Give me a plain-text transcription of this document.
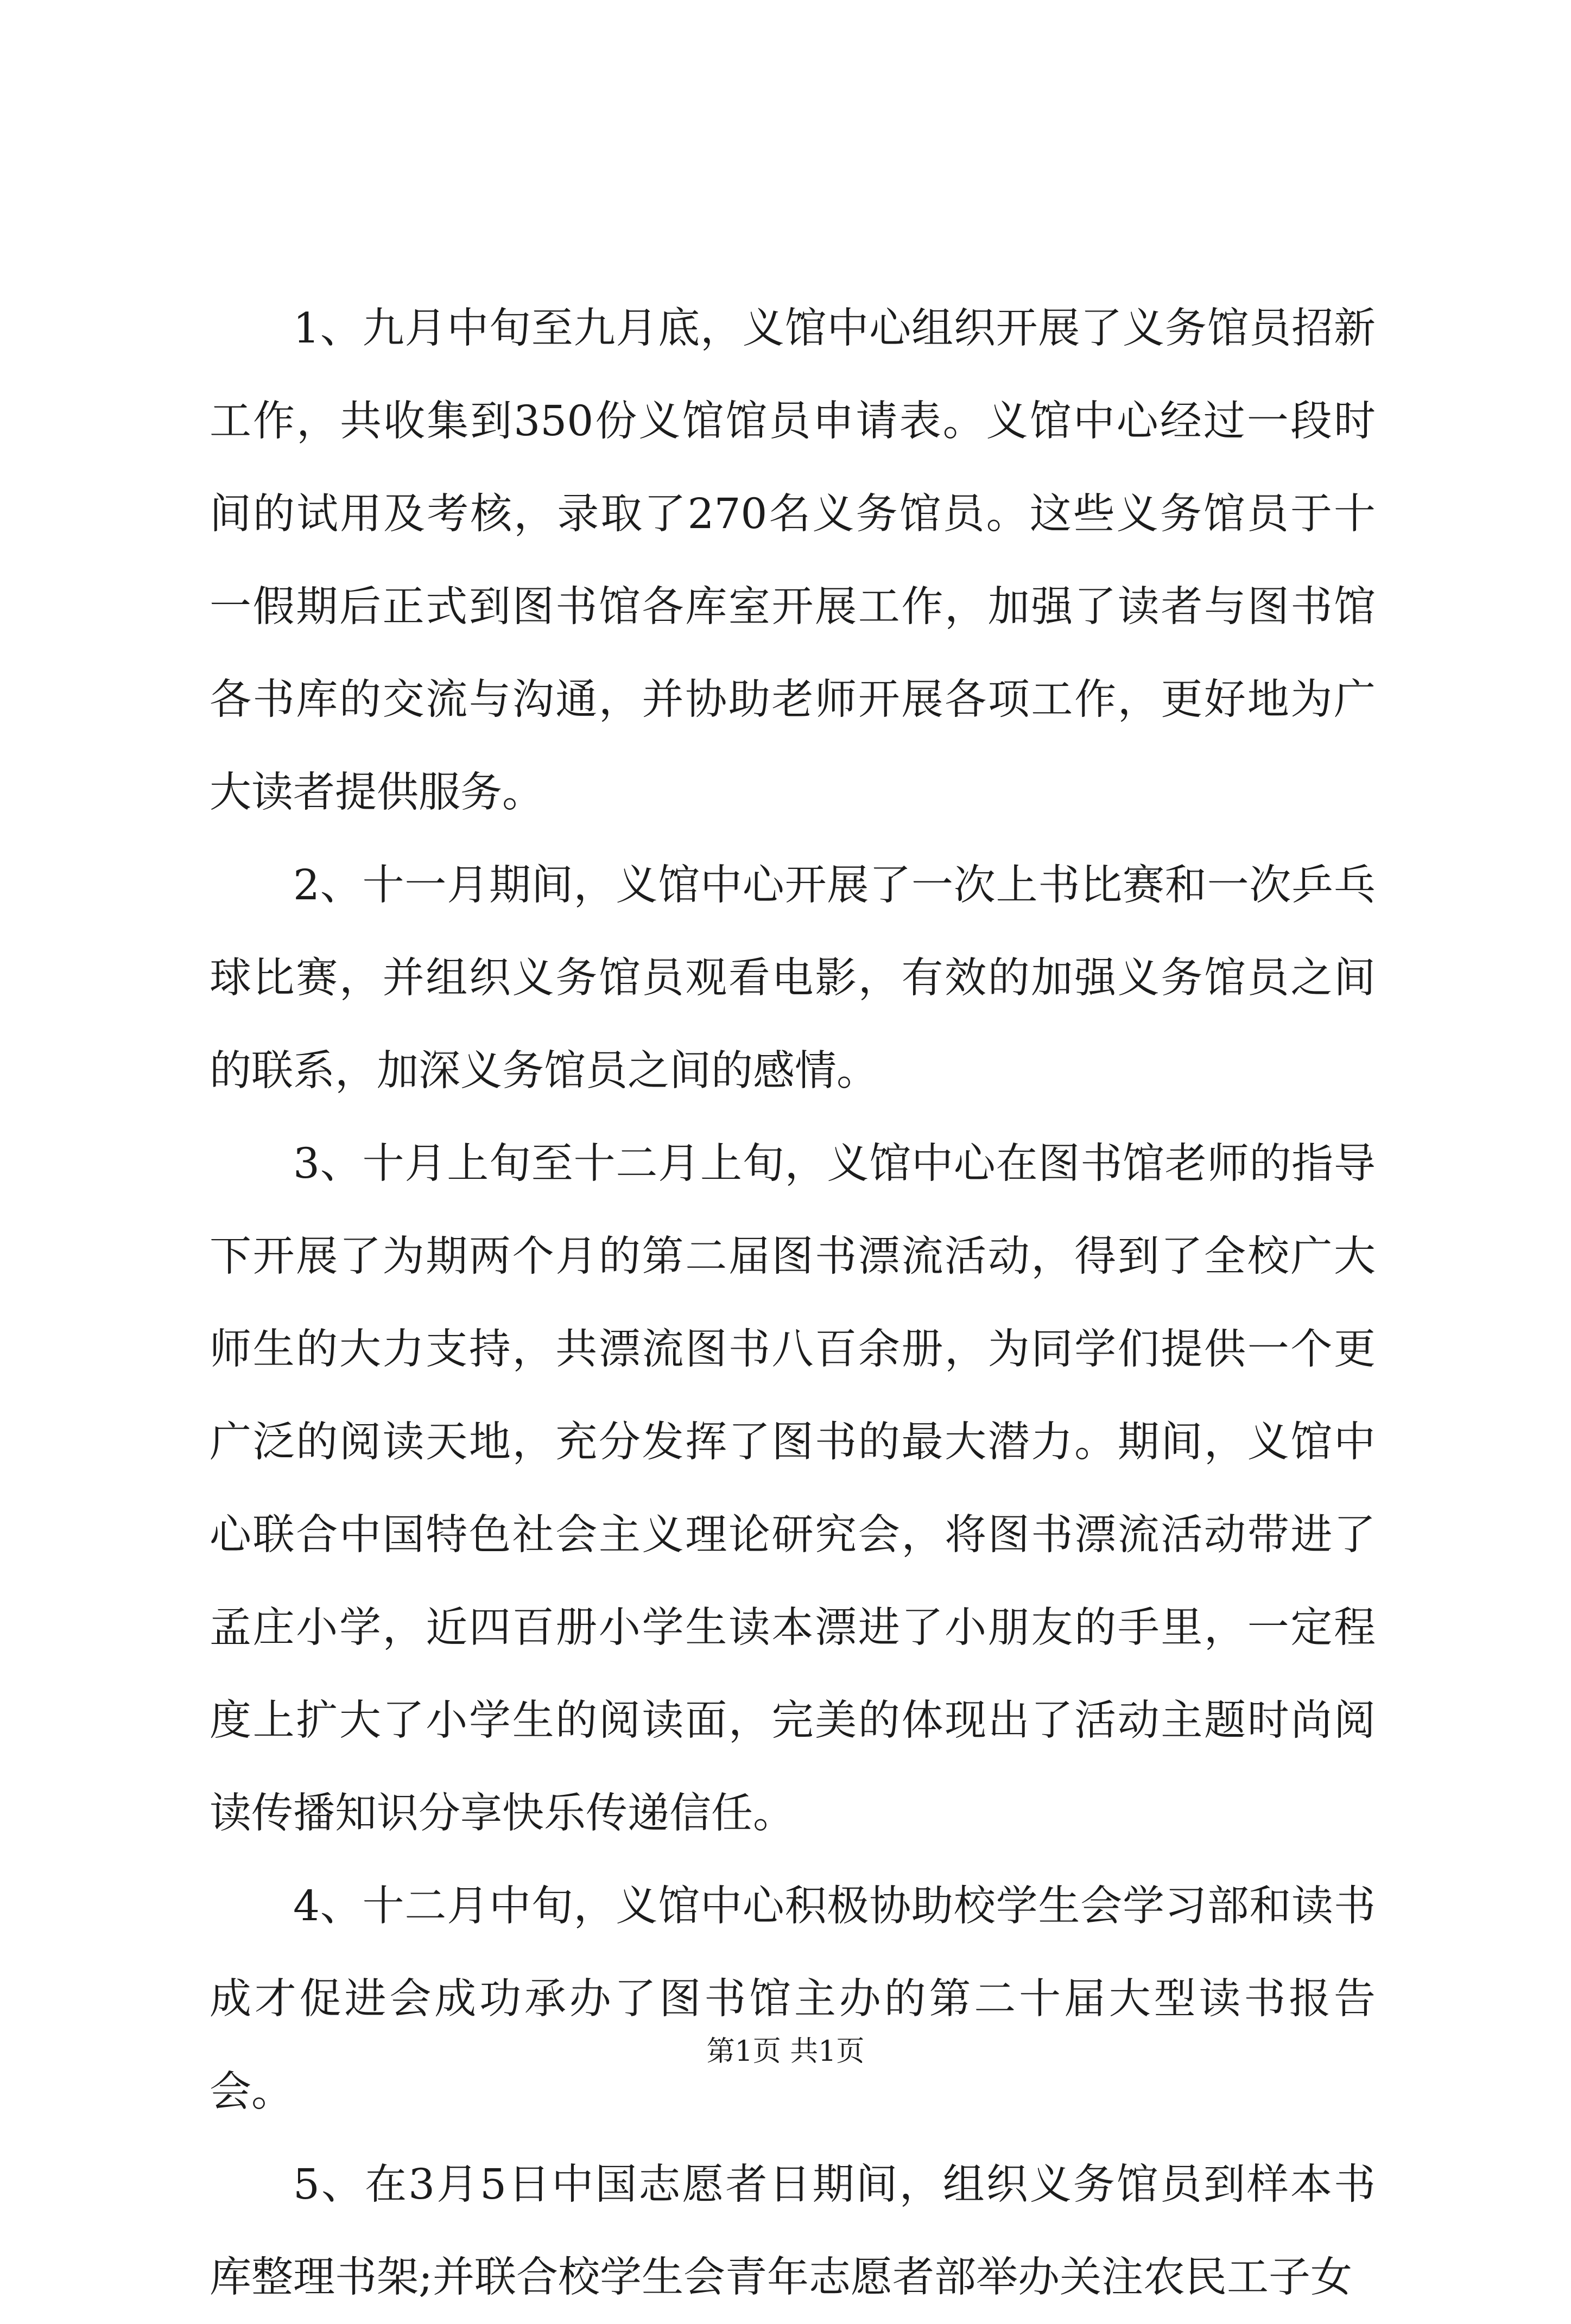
1、九月中旬至九月底，义馆中心组织开展了义务馆员招新工作，共收集到350份义馆馆员申请表。义馆中心经过一段时间的试用及考核，录取了270名义务馆员。这些义务馆员于十一假期后正式到图书馆各库室开展工作，加强了读者与图书馆各书库的交流与沟通，并协助老师开展各项工作，更好地为广大读者提供服务。

2、十一月期间，义馆中心开展了一次上书比赛和一次乒乓球比赛，并组织义务馆员观看电影，有效的加强义务馆员之间的联系，加深义务馆员之间的感情。

3、十月上旬至十二月上旬，义馆中心在图书馆老师的指导下开展了为期两个月的第二届图书漂流活动，得到了全校广大师生的大力支持，共漂流图书八百余册，为同学们提供一个更广泛的阅读天地，充分发挥了图书的最大潜力。期间，义馆中心联合中国特色社会主义理论研究会，将图书漂流活动带进了孟庄小学，近四百册小学生读本漂进了小朋友的手里，一定程度上扩大了小学生的阅读面，完美的体现出了活动主题时尚阅读传播知识分享快乐传递信任。

4、十二月中旬，义馆中心积极协助校学生会学习部和读书成才促进会成功承办了图书馆主办的第二十届大型读书报告会。

5、在3月5日中国志愿者日期间，组织义务馆员到样本书库整理书架;并联合校学生会青年志愿者部举办关注农民工子女

第1页 共1页
